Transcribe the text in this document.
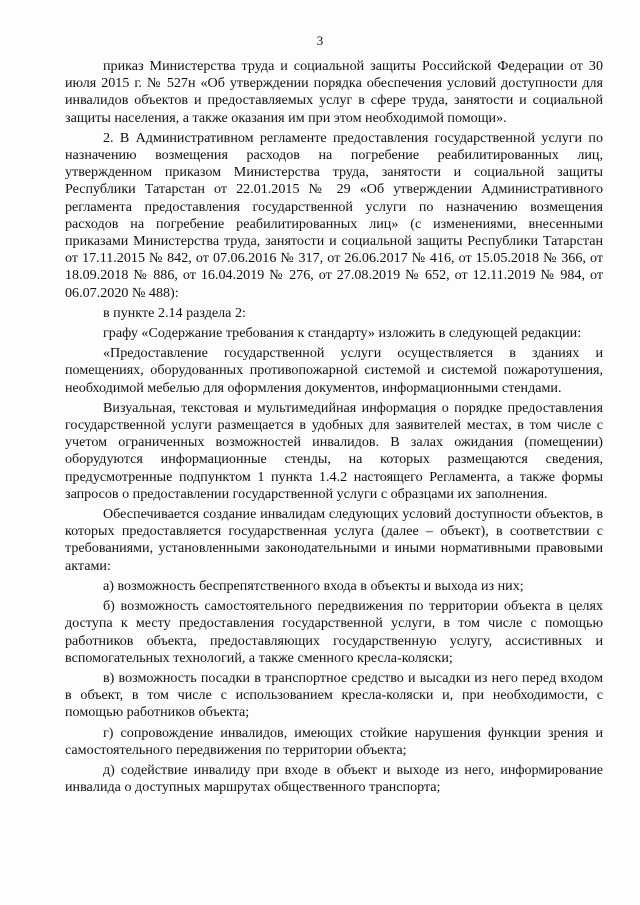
3

приказ Министерства труда и социальной защиты Российской Федерации от 30 июля 2015 г. № 527н «Об утверждении порядка обеспечения условий доступности для инвалидов объектов и предоставляемых услуг в сфере труда, занятости и социальной защиты населения, а также оказания им при этом необходимой помощи».

2. В Административном регламенте предоставления государственной услуги по назначению возмещения расходов на погребение реабилитированных лиц, утвержденном приказом Министерства труда, занятости и социальной защиты Республики Татарстан от 22.01.2015 № 29 «Об утверждении Административного регламента предоставления государственной услуги по назначению возмещения расходов на погребение реабилитированных лиц» (с изменениями, внесенными приказами Министерства труда, занятости и социальной защиты Республики Татарстан от 17.11.2015 № 842, от 07.06.2016 № 317, от 26.06.2017 № 416, от 15.05.2018 № 366, от 18.09.2018 № 886, от 16.04.2019 № 276, от 27.08.2019 № 652, от 12.11.2019 № 984, от 06.07.2020 № 488):

в пункте 2.14 раздела 2:

графу «Содержание требования к стандарту» изложить в следующей редакции:

«Предоставление государственной услуги осуществляется в зданиях и помещениях, оборудованных противопожарной системой и системой пожаротушения, необходимой мебелью для оформления документов, информационными стендами.

Визуальная, текстовая и мультимедийная информация о порядке предоставления государственной услуги размещается в удобных для заявителей местах, в том числе с учетом ограниченных возможностей инвалидов. В залах ожидания (помещении) оборудуются информационные стенды, на которых размещаются сведения, предусмотренные подпунктом 1 пункта 1.4.2 настоящего Регламента, а также формы запросов о предоставлении государственной услуги с образцами их заполнения.

Обеспечивается создание инвалидам следующих условий доступности объектов, в которых предоставляется государственная услуга (далее – объект), в соответствии с требованиями, установленными законодательными и иными нормативными правовыми актами:

а) возможность беспрепятственного входа в объекты и выхода из них;

б) возможность самостоятельного передвижения по территории объекта в целях доступа к месту предоставления государственной услуги, в том числе с помощью работников объекта, предоставляющих государственную услугу, ассистивных и вспомогательных технологий, а также сменного кресла-коляски;

в) возможность посадки в транспортное средство и высадки из него перед входом в объект, в том числе с использованием кресла-коляски и, при необходимости, с помощью работников объекта;

г) сопровождение инвалидов, имеющих стойкие нарушения функции зрения и самостоятельного передвижения по территории объекта;

д) содействие инвалиду при входе в объект и выходе из него, информирование инвалида о доступных маршрутах общественного транспорта;
